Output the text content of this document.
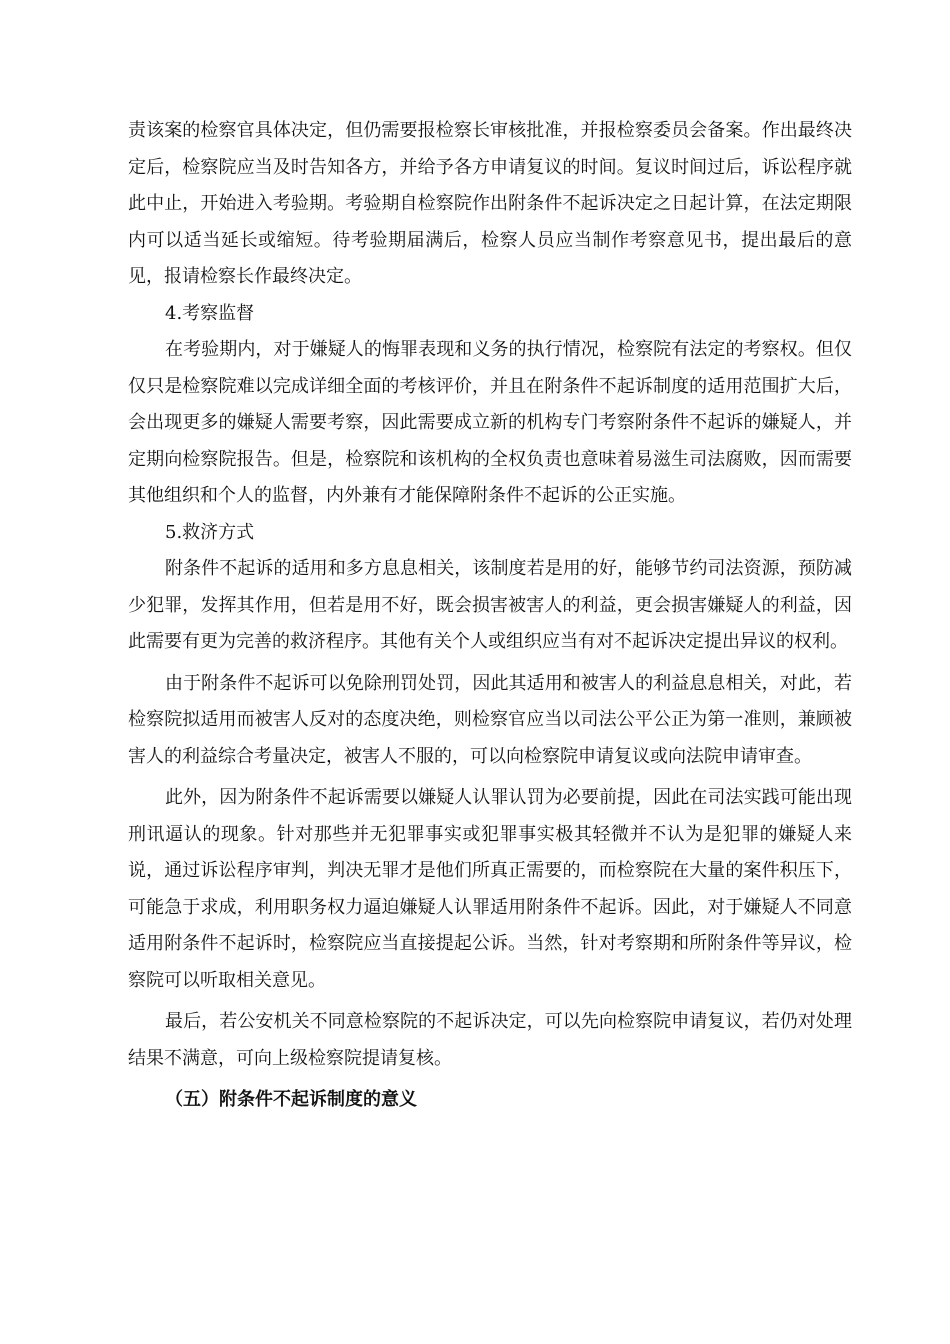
责该案的检察官具体决定，但仍需要报检察长审核批准，并报检察委员会备案。作出最终决定后，检察院应当及时告知各方，并给予各方申请复议的时间。复议时间过后，诉讼程序就此中止，开始进入考验期。考验期自检察院作出附条件不起诉决定之日起计算，在法定期限内可以适当延长或缩短。待考验期届满后，检察人员应当制作考察意见书，提出最后的意见，报请检察长作最终决定。

4.考察监督

在考验期内，对于嫌疑人的悔罪表现和义务的执行情况，检察院有法定的考察权。但仅仅只是检察院难以完成详细全面的考核评价，并且在附条件不起诉制度的适用范围扩大后，会出现更多的嫌疑人需要考察，因此需要成立新的机构专门考察附条件不起诉的嫌疑人，并定期向检察院报告。但是，检察院和该机构的全权负责也意味着易滋生司法腐败，因而需要其他组织和个人的监督，内外兼有才能保障附条件不起诉的公正实施。

5.救济方式

附条件不起诉的适用和多方息息相关，该制度若是用的好，能够节约司法资源，预防减少犯罪，发挥其作用，但若是用不好，既会损害被害人的利益，更会损害嫌疑人的利益，因此需要有更为完善的救济程序。其他有关个人或组织应当有对不起诉决定提出异议的权利。

由于附条件不起诉可以免除刑罚处罚，因此其适用和被害人的利益息息相关，对此，若检察院拟适用而被害人反对的态度决绝，则检察官应当以司法公平公正为第一准则，兼顾被害人的利益综合考量决定，被害人不服的，可以向检察院申请复议或向法院申请审查。

此外，因为附条件不起诉需要以嫌疑人认罪认罚为必要前提，因此在司法实践可能出现刑讯逼认的现象。针对那些并无犯罪事实或犯罪事实极其轻微并不认为是犯罪的嫌疑人来说，通过诉讼程序审判，判决无罪才是他们所真正需要的，而检察院在大量的案件积压下，可能急于求成，利用职务权力逼迫嫌疑人认罪适用附条件不起诉。因此，对于嫌疑人不同意适用附条件不起诉时，检察院应当直接提起公诉。当然，针对考察期和所附条件等异议，检察院可以听取相关意见。

最后，若公安机关不同意检察院的不起诉决定，可以先向检察院申请复议，若仍对处理结果不满意，可向上级检察院提请复核。

（五）附条件不起诉制度的意义
